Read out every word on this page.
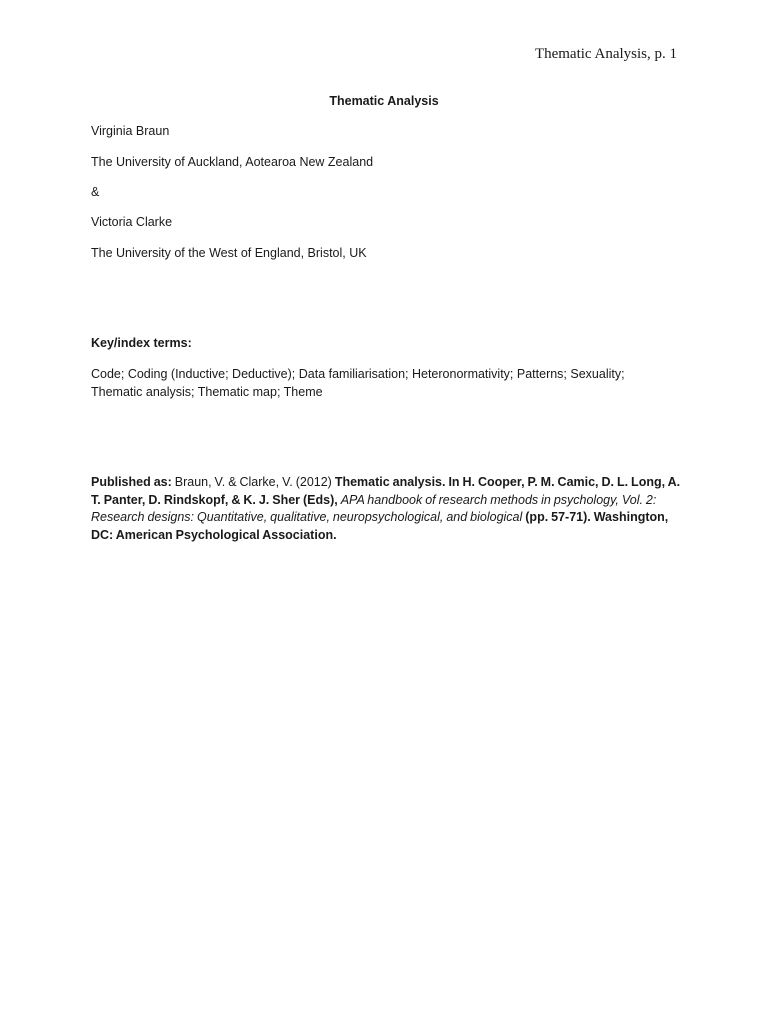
Thematic Analysis, p. 1
Thematic Analysis
Virginia Braun
The University of Auckland, Aotearoa New Zealand
&
Victoria Clarke
The University of the West of England, Bristol, UK
Key/index terms:
Code; Coding (Inductive; Deductive); Data familiarisation; Heteronormativity; Patterns; Sexuality;
Thematic analysis; Thematic map; Theme
Published as: Braun, V. & Clarke, V. (2012) Thematic analysis. In H. Cooper, P. M. Camic, D. L. Long, A. T. Panter, D. Rindskopf, & K. J. Sher (Eds), APA handbook of research methods in psychology, Vol. 2: Research designs: Quantitative, qualitative, neuropsychological, and biological (pp. 57-71). Washington, DC: American Psychological Association.
